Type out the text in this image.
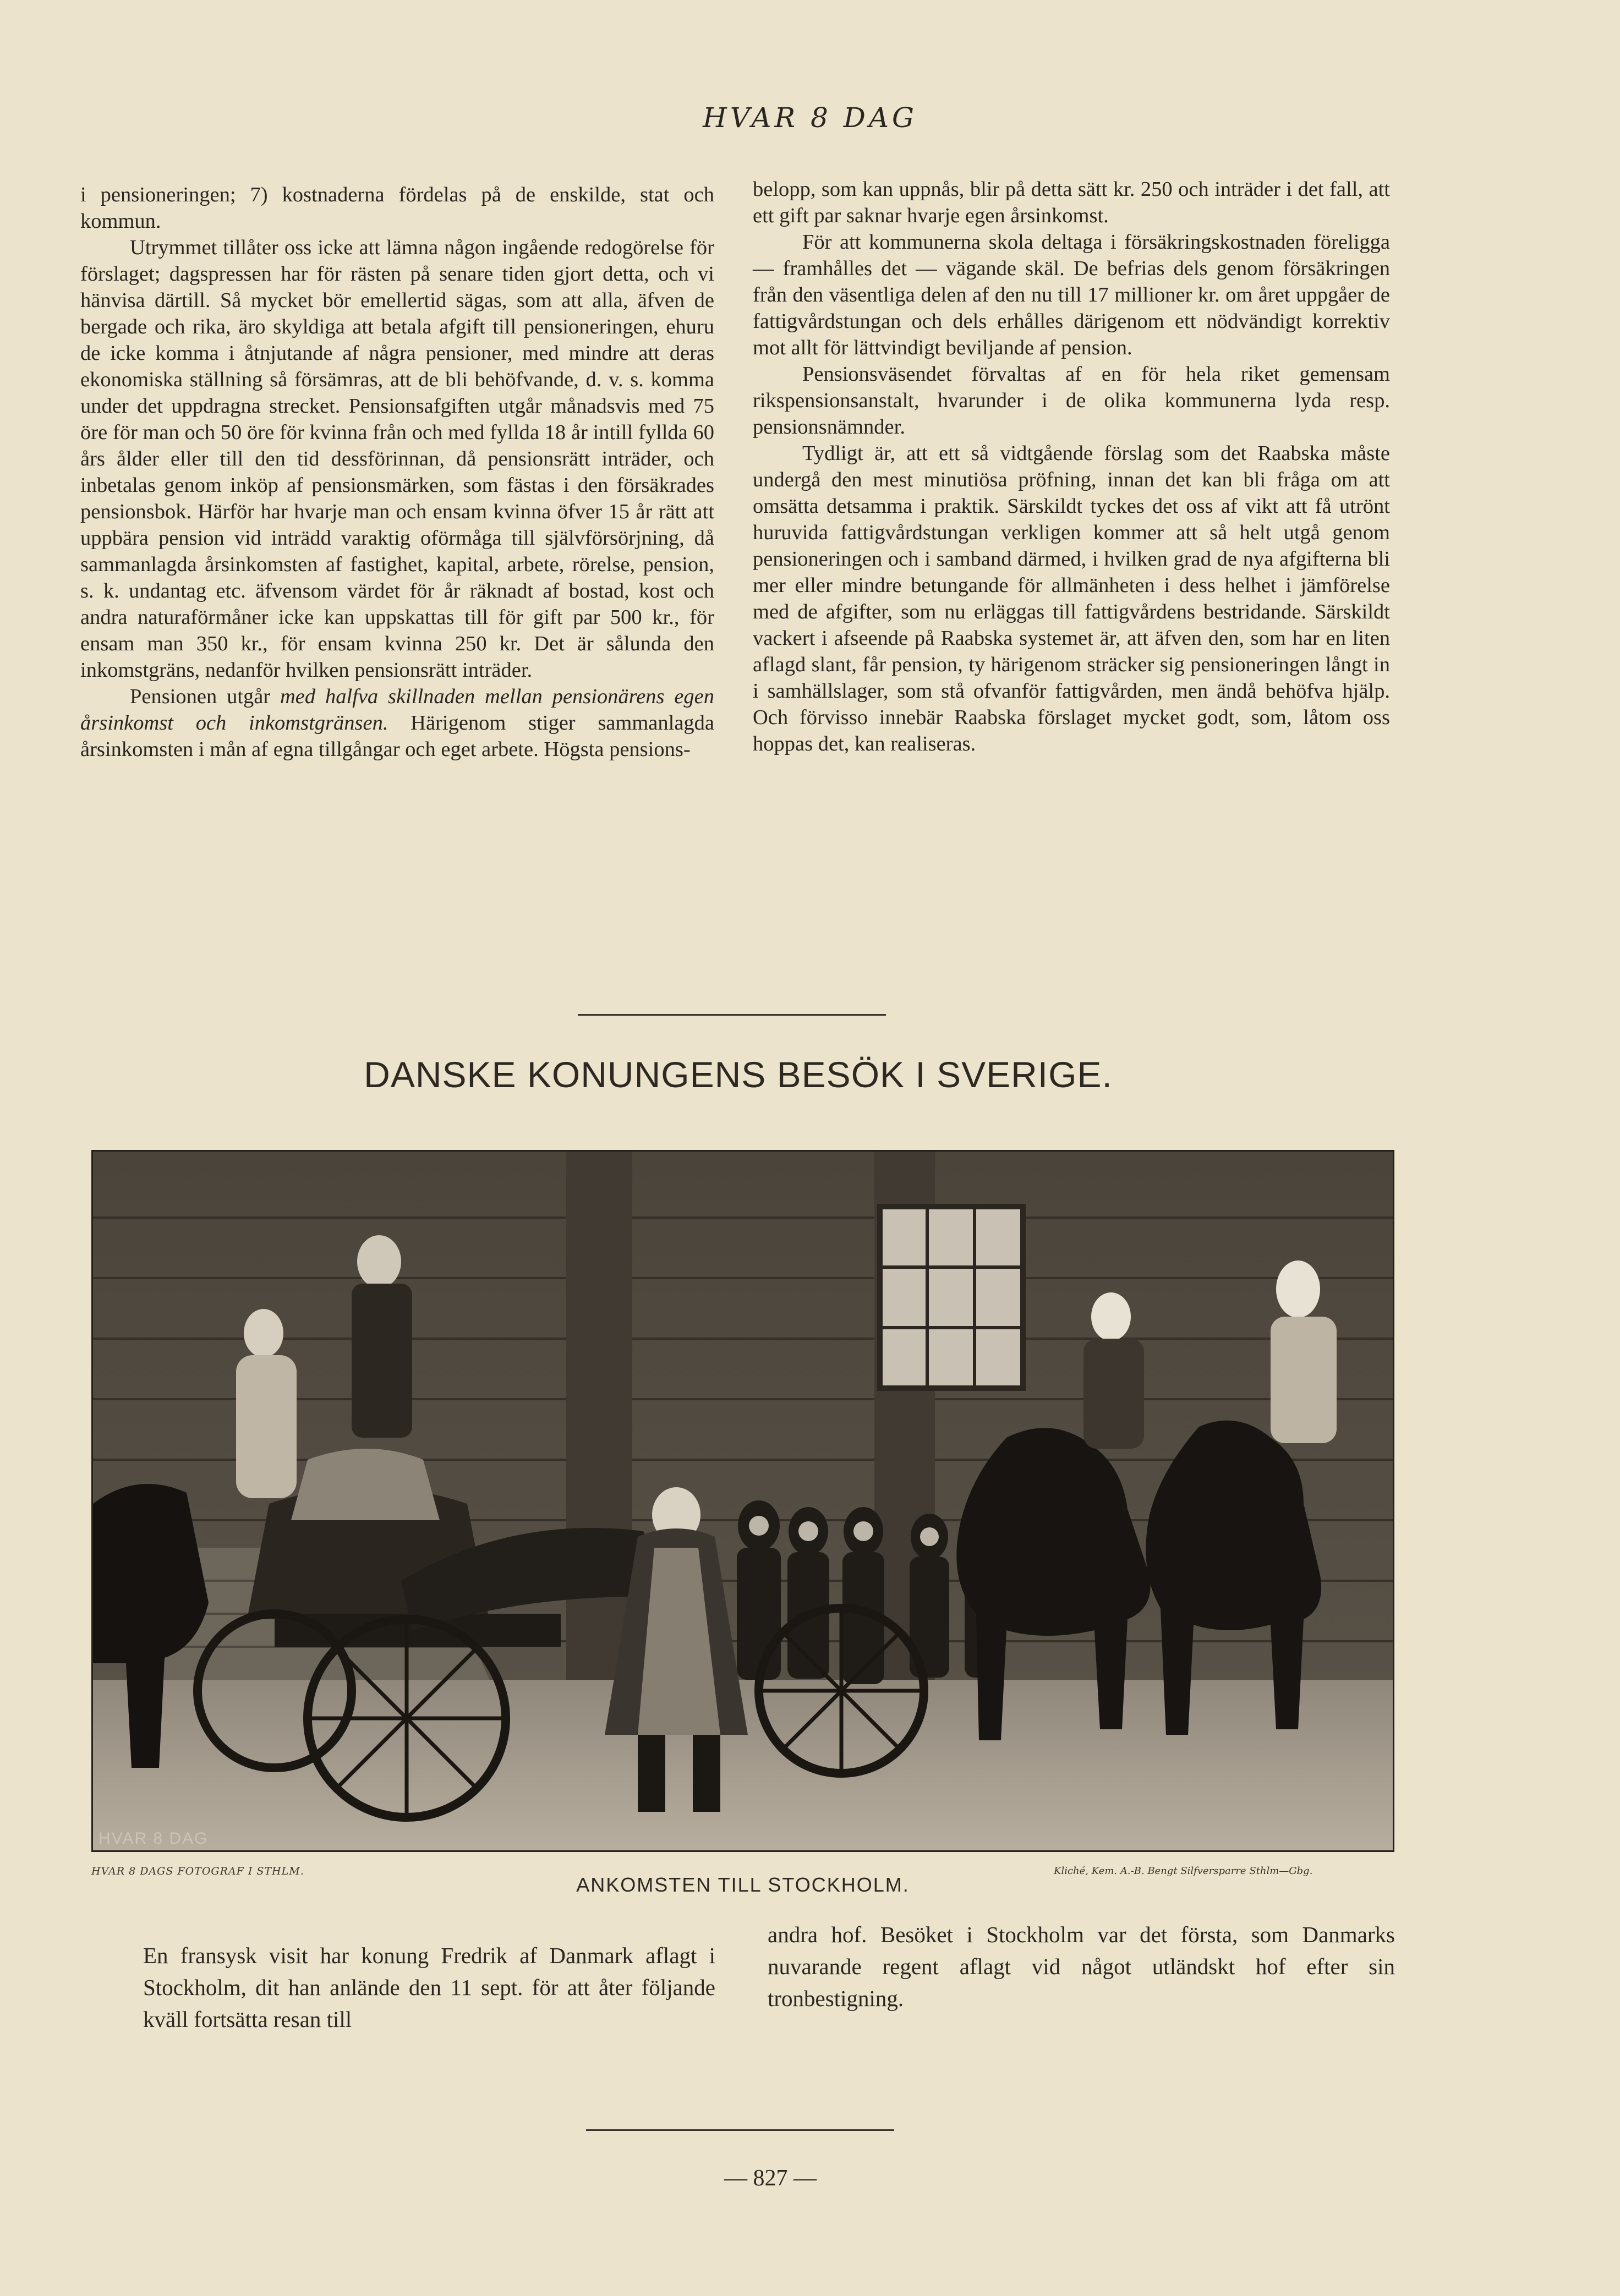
HVAR 8 DAG

i pensioneringen; 7) kostnaderna fördelas på de enskilde, stat och kommun.

Utrymmet tillåter oss icke att lämna någon ingående redogörelse för förslaget; dagspressen har för rästen på senare tiden gjort detta, och vi hänvisa därtill. Så mycket bör emellertid sägas, som att alla, äfven de bergade och rika, äro skyldiga att betala afgift till pensioneringen, ehuru de icke komma i åtnjutande af några pensioner, med mindre att deras ekonomiska ställning så försämras, att de bli behöfvande, d. v. s. komma under det uppdragna strecket. Pensionsafgiften utgår månadsvis med 75 öre för man och 50 öre för kvinna från och med fyllda 18 år intill fyllda 60 års ålder eller till den tid dessförinnan, då pensionsrätt inträder, och inbetalas genom inköp af pensionsmärken, som fästas i den försäkrades pensionsbok. Härför har hvarje man och ensam kvinna öfver 15 år rätt att uppbära pension vid inträdd varaktig oförmåga till självförsörjning, då sammanlagda årsinkomsten af fastighet, kapital, arbete, rörelse, pension, s. k. undantag etc. äfvensom värdet för år räknadt af bostad, kost och andra naturaförmåner icke kan uppskattas till för gift par 500 kr., för ensam man 350 kr., för ensam kvinna 250 kr. Det är sålunda den inkomstgräns, nedanför hvilken pensionsrätt inträder.

Pensionen utgår med halfva skillnaden mellan pensionärens egen årsinkomst och inkomstgränsen. Härigenom stiger sammanlagda årsinkomsten i mån af egna tillgångar och eget arbete. Högsta pensions-

belopp, som kan uppnås, blir på detta sätt kr. 250 och inträder i det fall, att ett gift par saknar hvarje egen årsinkomst.

För att kommunerna skola deltaga i försäkringskostnaden föreligga — framhålles det — vägande skäl. De befrias dels genom försäkringen från den väsentliga delen af den nu till 17 millioner kr. om året uppgåer de fattigvårdstungan och dels erhålles därigenom ett nödvändigt korrektiv mot allt för lättvindigt beviljande af pension.

Pensionsväsendet förvaltas af en för hela riket gemensam rikspensionsanstalt, hvarunder i de olika kommunerna lyda resp. pensionsnämnder.

Tydligt är, att ett så vidtgående förslag som det Raabska måste undergå den mest minutiösa pröfning, innan det kan bli fråga om att omsätta detsamma i praktik. Särskildt tyckes det oss af vikt att få utrönt huruvida fattigvårdstungan verkligen kommer att så helt utgå genom pensioneringen och i samband därmed, i hvilken grad de nya afgifterna bli mer eller mindre betungande för allmänheten i dess helhet i jämförelse med de afgifter, som nu erläggas till fattigvårdens bestridande. Särskildt vackert i afseende på Raabska systemet är, att äfven den, som har en liten aflagd slant, får pension, ty härigenom sträcker sig pensioneringen långt in i samhällslager, som stå ofvanför fattigvården, men ändå behöfva hjälp. Och förvisso innebär Raabska förslaget mycket godt, som, låtom oss hoppas det, kan realiseras.

DANSKE KONUNGENS BESÖK I SVERIGE.
HVAR 8 DAG
HVAR 8 DAGS FOTOGRAF I STHLM.	Kliché, Kem. A.-B. Bengt Silfversparre Sthlm—Gbg.
ANKOMSTEN TILL STOCKHOLM.

En fransysk visit har konung Fredrik af Danmark aflagt i Stockholm, dit han anlände den 11 sept. för att åter följande kväll fortsätta resan till

andra hof. Besöket i Stockholm var det första, som Danmarks nuvarande regent aflagt vid något utländskt hof efter sin tronbestigning.

— 827 —
